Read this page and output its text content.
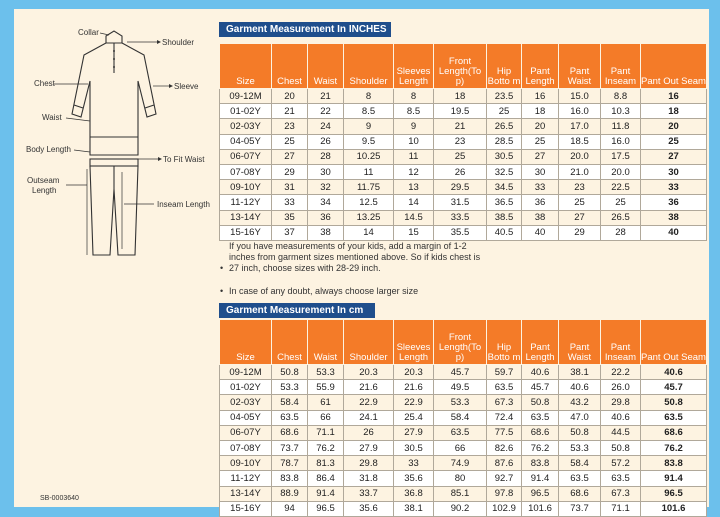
Collar
Shoulder
Chest	Sleeve
Waist
Body Length
To Fit Waist
Outseam
Length
Inseam Length
SB-0003640
Garment Measurement In INCHES
Size	Chest	Waist	Shoulder	Sleeves Length	Front Length(To p)	Hip Botto m	Pant Length	Pant Waist	Pant Inseam	Pant Out Seam
09-12M	20	21	8	8	18	23.5	16	15.0	8.8	16
01-02Y	21	22	8.5	8.5	19.5	25	18	16.0	10.3	18
02-03Y	23	24	9	9	21	26.5	20	17.0	11.8	20
04-05Y	25	26	9.5	10	23	28.5	25	18.5	16.0	25
06-07Y	27	28	10.25	11	25	30.5	27	20.0	17.5	27
07-08Y	29	30	11	12	26	32.5	30	21.0	20.0	30
09-10Y	31	32	11.75	13	29.5	34.5	33	23	22.5	33
11-12Y	33	34	12.5	14	31.5	36.5	36	25	25	36
13-14Y	35	36	13.25	14.5	33.5	38.5	38	27	26.5	38
15-16Y	37	38	14	15	35.5	40.5	40	29	28	40
•
If you have measurements of your kids, add a margin of 1-2 inches from garment sizes mentioned above. So if kids chest is 27 inch, choose sizes with 28-29 inch.
• In case of any doubt, always choose larger size
Garment Measurement In cm
Size	Chest	Waist	Shoulder	Sleeves Length	Front Length(To p)	Hip Botto m	Pant Length	Pant Waist	Pant Inseam	Pant Out Seam
09-12M	50.8	53.3	20.3	20.3	45.7	59.7	40.6	38.1	22.2	40.6
01-02Y	53.3	55.9	21.6	21.6	49.5	63.5	45.7	40.6	26.0	45.7
02-03Y	58.4	61	22.9	22.9	53.3	67.3	50.8	43.2	29.8	50.8
04-05Y	63.5	66	24.1	25.4	58.4	72.4	63.5	47.0	40.6	63.5
06-07Y	68.6	71.1	26	27.9	63.5	77.5	68.6	50.8	44.5	68.6
07-08Y	73.7	76.2	27.9	30.5	66	82.6	76.2	53.3	50.8	76.2
09-10Y	78.7	81.3	29.8	33	74.9	87.6	83.8	58.4	57.2	83.8
11-12Y	83.8	86.4	31.8	35.6	80	92.7	91.4	63.5	63.5	91.4
13-14Y	88.9	91.4	33.7	36.8	85.1	97.8	96.5	68.6	67.3	96.5
15-16Y	94	96.5	35.6	38.1	90.2	102.9	101.6	73.7	71.1	101.6
